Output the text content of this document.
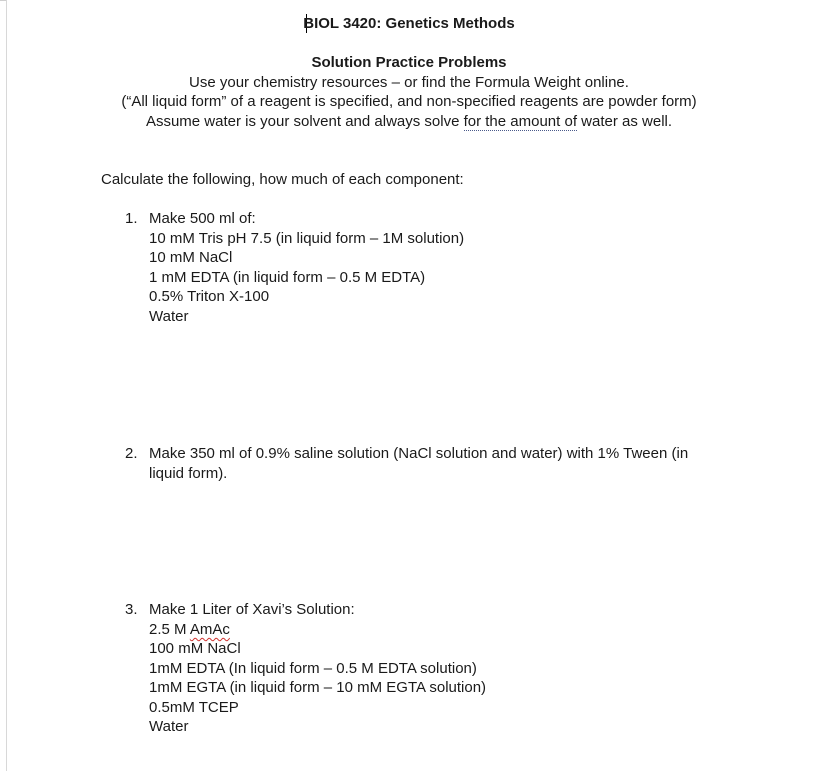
BIOL 3420: Genetics Methods
Solution Practice Problems
Use your chemistry resources – or find the Formula Weight online.
(“All liquid form” of a reagent is specified, and non-specified reagents are powder form)
Assume water is your solvent and always solve for the amount of water as well.
Calculate the following, how much of each component:
1. Make 500 ml of:
10 mM Tris pH 7.5 (in liquid form – 1M solution)
10 mM NaCl
1 mM EDTA (in liquid form – 0.5 M EDTA)
0.5% Triton X-100
Water
2. Make 350 ml of 0.9% saline solution (NaCl solution and water) with 1% Tween (in
liquid form).
3. Make 1 Liter of Xavi’s Solution:
2.5 M AmAc
100 mM NaCl
1mM EDTA (In liquid form – 0.5 M EDTA solution)
1mM EGTA (in liquid form – 10 mM EGTA solution)
0.5mM TCEP
Water
